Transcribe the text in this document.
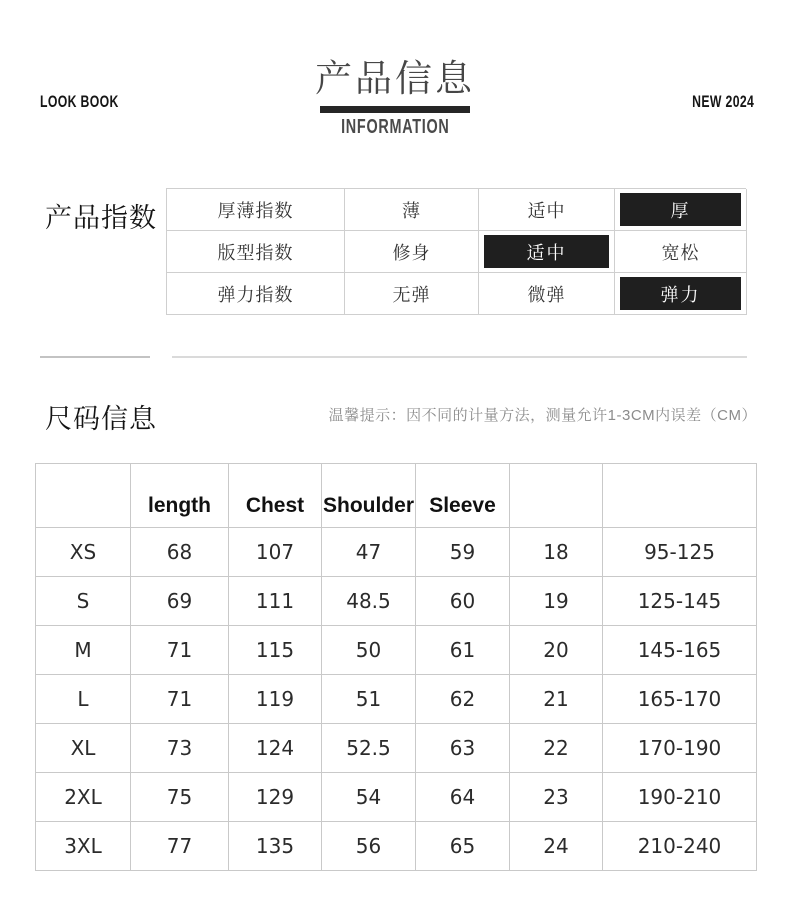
LOOK BOOK	NEW 2024
产品信息
INFORMATION
产品指数	厚薄指数	薄	适中	厚
版型指数	修身	适中	宽松
弹力指数	无弹	微弹	弹力
尺码信息	温馨提示：因不同的计量方法，测量允许1-3CM内误差（CM）
	length	Chest	Shoulder	Sleeve		
XS	68	107	47	59	18	95-125
S	69	111	48.5	60	19	125-145
M	71	115	50	61	20	145-165
L	71	119	51	62	21	165-170
XL	73	124	52.5	63	22	170-190
2XL	75	129	54	64	23	190-210
3XL	77	135	56	65	24	210-240
